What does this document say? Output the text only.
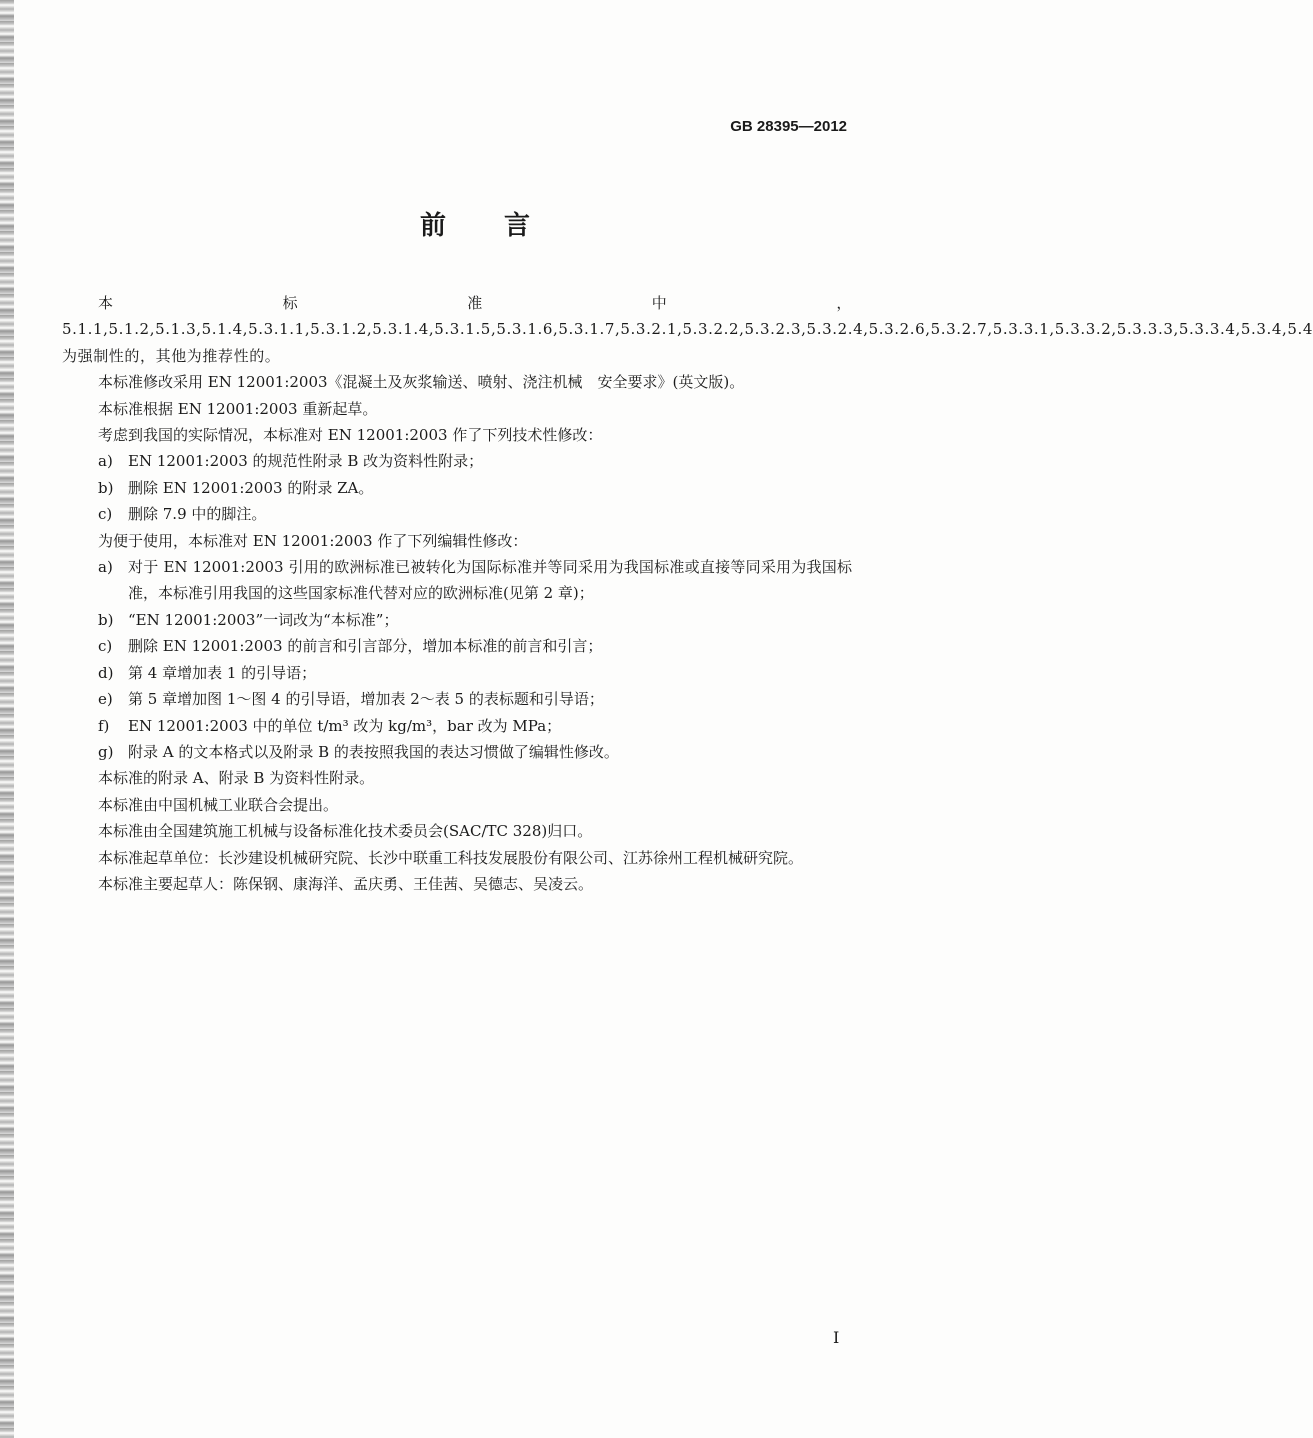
GB 28395—2012
前言
本标准中，5.1.1,5.1.2,5.1.3,5.1.4,5.3.1.1,5.3.1.2,5.3.1.4,5.3.1.5,5.3.1.6,5.3.1.7,5.3.2.1,5.3.2.2,5.3.2.3,5.3.2.4,5.3.2.6,5.3.2.7,5.3.3.1,5.3.3.2,5.3.3.3,5.3.3.4,5.3.4,5.4 为强制性的，其他为推荐性的。
本标准修改采用 EN 12001:2003《混凝土及灰浆输送、喷射、浇注机械　安全要求》(英文版)。
本标准根据 EN 12001:2003 重新起草。
考虑到我国的实际情况，本标准对 EN 12001:2003 作了下列技术性修改：
a)	EN 12001:2003 的规范性附录 B 改为资料性附录；
b) 删除 EN 12001:2003 的附录 ZA。
c)	删除 7.9 中的脚注。
为便于使用，本标准对 EN 12001:2003 作了下列编辑性修改：
a)	对于 EN 12001:2003 引用的欧洲标准已被转化为国际标准并等同采用为我国标准或直接等同采用为我国标准，本标准引用我国的这些国家标准代替对应的欧洲标准(见第 2 章)；
b) “EN 12001:2003”一词改为“本标准”；
c)	删除 EN 12001:2003 的前言和引言部分，增加本标准的前言和引言；
d) 第 4 章增加表 1 的引导语；
e)	第 5 章增加图 1～图 4 的引导语，增加表 2～表 5 的表标题和引导语；
f)	EN 12001:2003 中的单位 t/m³ 改为 kg/m³，bar 改为 MPa；
g) 附录 A 的文本格式以及附录 B 的表按照我国的表达习惯做了编辑性修改。
本标准的附录 A、附录 B 为资料性附录。
本标准由中国机械工业联合会提出。
本标准由全国建筑施工机械与设备标准化技术委员会(SAC/TC 328)归口。
本标准起草单位：长沙建设机械研究院、长沙中联重工科技发展股份有限公司、江苏徐州工程机械研究院。
本标准主要起草人：陈保钢、康海洋、孟庆勇、王佳茜、吴德志、吴凌云。
I
